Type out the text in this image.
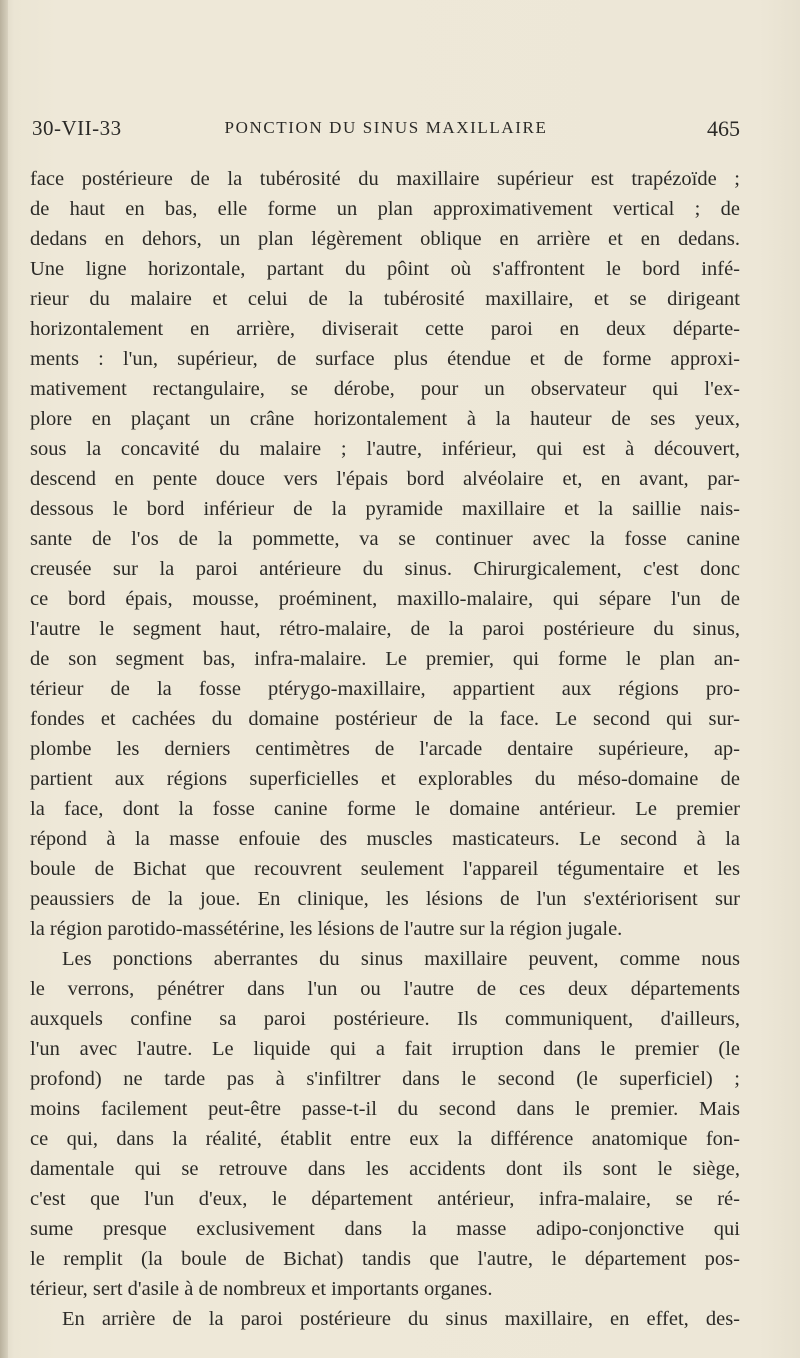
30-VII-33	PONCTION DU SINUS MAXILLAIRE	465
face postérieure de la tubérosité du maxillaire supérieur est trapézoïde ;
de haut en bas, elle forme un plan approximativement vertical ; de
dedans en dehors, un plan légèrement oblique en arrière et en dedans.
Une ligne horizontale, partant du pôint où s'affrontent le bord infé-
rieur du malaire et celui de la tubérosité maxillaire, et se dirigeant
horizontalement en arrière, diviserait cette paroi en deux départe-
ments : l'un, supérieur, de surface plus étendue et de forme approxi-
mativement rectangulaire, se dérobe, pour un observateur qui l'ex-
plore en plaçant un crâne horizontalement à la hauteur de ses yeux,
sous la concavité du malaire ; l'autre, inférieur, qui est à découvert,
descend en pente douce vers l'épais bord alvéolaire et, en avant, par-
dessous le bord inférieur de la pyramide maxillaire et la saillie nais-
sante de l'os de la pommette, va se continuer avec la fosse canine
creusée sur la paroi antérieure du sinus. Chirurgicalement, c'est donc
ce bord épais, mousse, proéminent, maxillo-malaire, qui sépare l'un de
l'autre le segment haut, rétro-malaire, de la paroi postérieure du sinus,
de son segment bas, infra-malaire. Le premier, qui forme le plan an-
térieur de la fosse ptérygo-maxillaire, appartient aux régions pro-
fondes et cachées du domaine postérieur de la face. Le second qui sur-
plombe les derniers centimètres de l'arcade dentaire supérieure, ap-
partient aux régions superficielles et explorables du méso-domaine de
la face, dont la fosse canine forme le domaine antérieur. Le premier
répond à la masse enfouie des muscles masticateurs. Le second à la
boule de Bichat que recouvrent seulement l'appareil tégumentaire et les
peaussiers de la joue. En clinique, les lésions de l'un s'extériorisent sur
la région parotido-massétérine, les lésions de l'autre sur la région jugale.
Les ponctions aberrantes du sinus maxillaire peuvent, comme nous
le verrons, pénétrer dans l'un ou l'autre de ces deux départements
auxquels confine sa paroi postérieure. Ils communiquent, d'ailleurs,
l'un avec l'autre. Le liquide qui a fait irruption dans le premier (le
profond) ne tarde pas à s'infiltrer dans le second (le superficiel) ;
moins facilement peut-être passe-t-il du second dans le premier. Mais
ce qui, dans la réalité, établit entre eux la différence anatomique fon-
damentale qui se retrouve dans les accidents dont ils sont le siège,
c'est que l'un d'eux, le département antérieur, infra-malaire, se ré-
sume presque exclusivement dans la masse adipo-conjonctive qui
le remplit (la boule de Bichat) tandis que l'autre, le département pos-
térieur, sert d'asile à de nombreux et importants organes.
En arrière de la paroi postérieure du sinus maxillaire, en effet, des-
